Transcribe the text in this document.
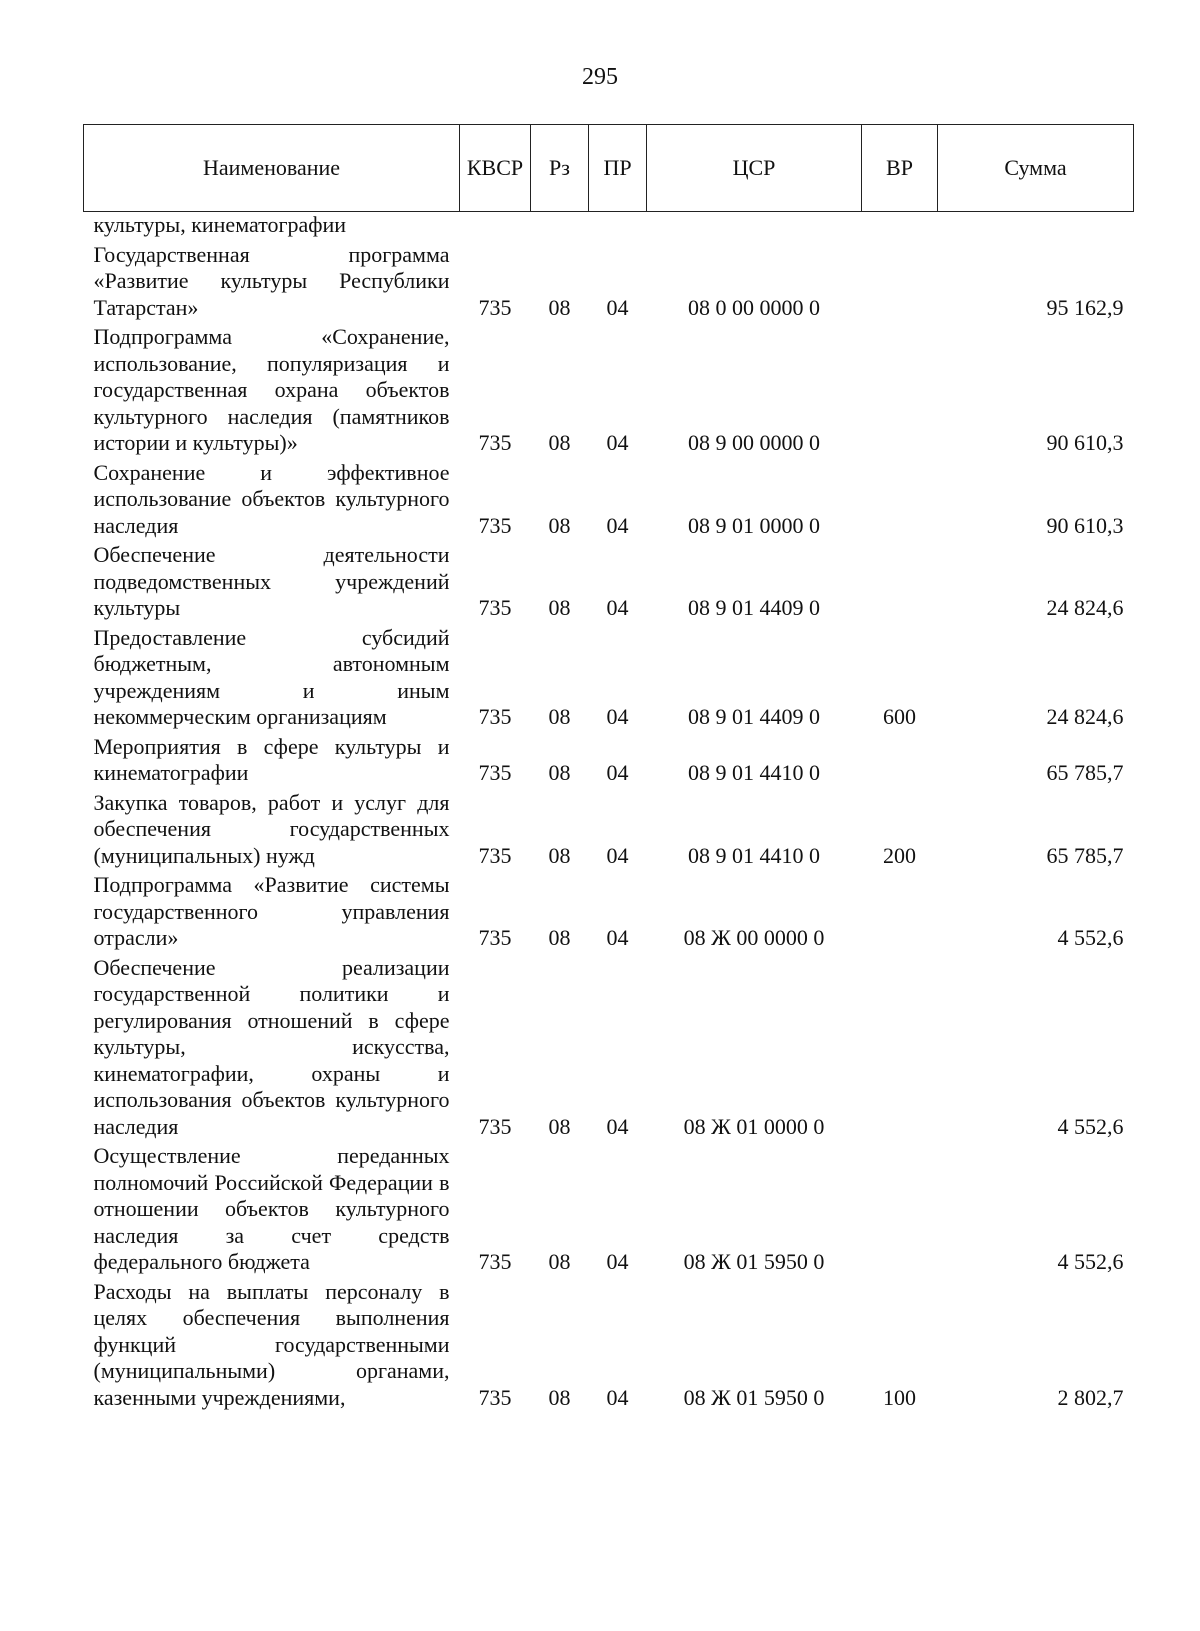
295
Наименование	КВСР	Рз	ПР	ЦСР	ВР	Сумма
культуры, кинематографии						
Государственная программа «Развитие культуры Республики Татарстан»	735	08	04	08 0 00 0000 0		95 162,9
Подпрограмма «Сохранение, использование, популяризация и государственная охрана объектов культурного наследия (памятников истории и культуры)»	735	08	04	08 9 00 0000 0		90 610,3
Сохранение и эффективное использование объектов культурного наследия	735	08	04	08 9 01 0000 0		90 610,3
Обеспечение деятельности подведомственных учреждений культуры	735	08	04	08 9 01 4409 0		24 824,6
Предоставление субсидий бюджетным, автономным учреждениям и иным некоммерческим организациям	735	08	04	08 9 01 4409 0	600	24 824,6
Мероприятия в сфере культуры и кинематографии	735	08	04	08 9 01 4410 0		65 785,7
Закупка товаров, работ и услуг для обеспечения государственных (муниципальных) нужд	735	08	04	08 9 01 4410 0	200	65 785,7
Подпрограмма «Развитие системы государственного управления отрасли»	735	08	04	08 Ж 00 0000 0		4 552,6
Обеспечение реализации государственной политики и регулирования отношений в сфере культуры, искусства, кинематографии, охраны и использования объектов культурного наследия	735	08	04	08 Ж 01 0000 0		4 552,6
Осуществление переданных полномочий Российской Федерации в отношении объектов культурного наследия за счет средств федерального бюджета	735	08	04	08 Ж 01 5950 0		4 552,6
Расходы на выплаты персоналу в целях обеспечения выполнения функций государственными (муниципальными) органами, казенными учреждениями,	735	08	04	08 Ж 01 5950 0	100	2 802,7
